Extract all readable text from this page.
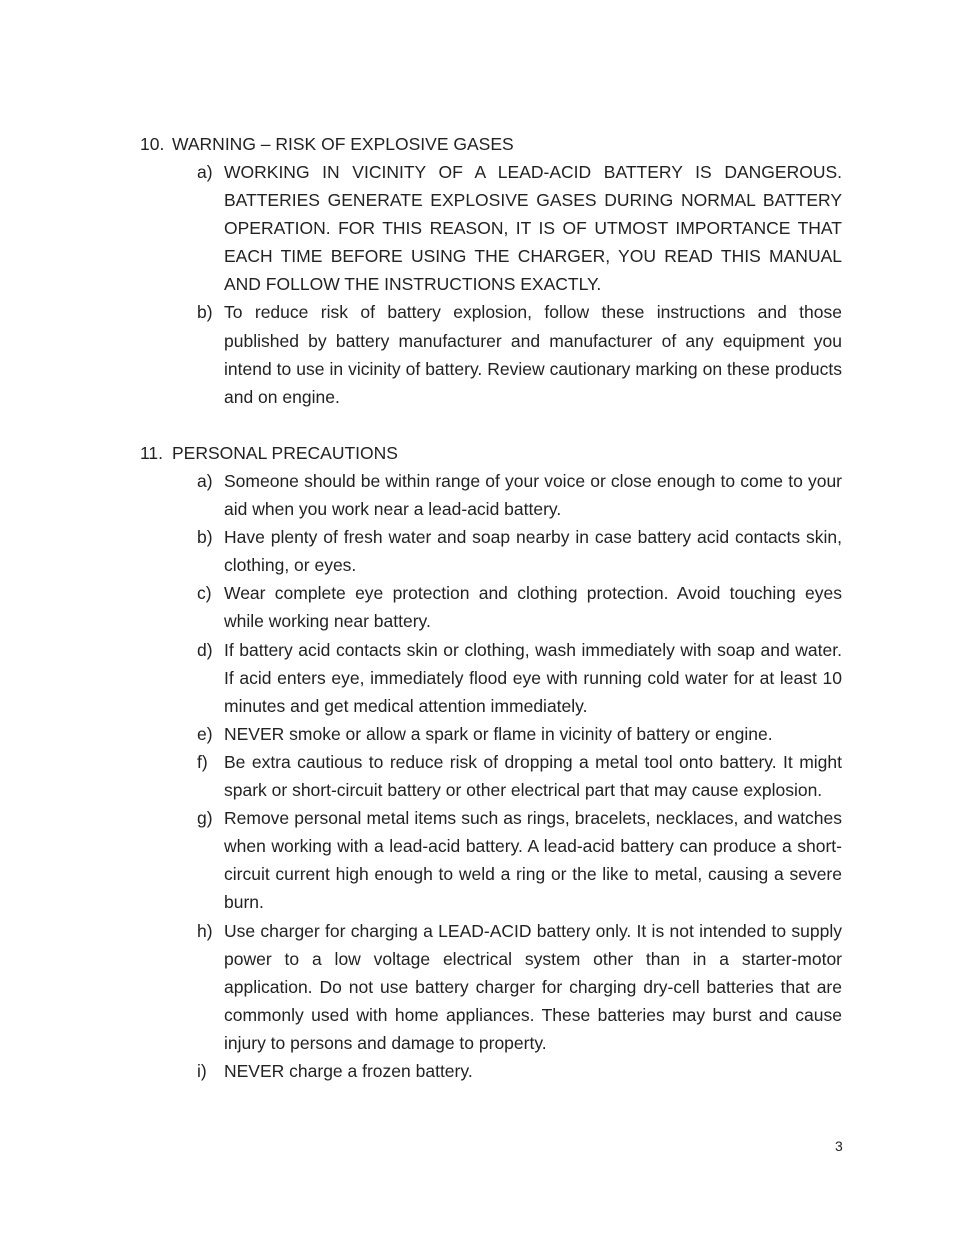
10. WARNING – RISK OF EXPLOSIVE GASES
a) WORKING IN VICINITY OF A LEAD-ACID BATTERY IS DANGEROUS. BATTERIES GENERATE EXPLOSIVE GASES DURING NORMAL BATTERY OPERATION. FOR THIS REASON, IT IS OF UTMOST IMPORTANCE THAT EACH TIME BEFORE USING THE CHARGER, YOU READ THIS MANUAL AND FOLLOW THE INSTRUCTIONS EXACTLY.
b) To reduce risk of battery explosion, follow these instructions and those published by battery manufacturer and manufacturer of any equipment you intend to use in vicinity of battery. Review cautionary marking on these products and on engine.
11. PERSONAL PRECAUTIONS
a) Someone should be within range of your voice or close enough to come to your aid when you work near a lead-acid battery.
b) Have plenty of fresh water and soap nearby in case battery acid contacts skin, clothing, or eyes.
c) Wear complete eye protection and clothing protection. Avoid touching eyes while working near battery.
d) If battery acid contacts skin or clothing, wash immediately with soap and water. If acid enters eye, immediately flood eye with running cold water for at least 10 minutes and get medical attention immediately.
e) NEVER smoke or allow a spark or flame in vicinity of battery or engine.
f) Be extra cautious to reduce risk of dropping a metal tool onto battery. It might spark or short-circuit battery or other electrical part that may cause explosion.
g) Remove personal metal items such as rings, bracelets, necklaces, and watches when working with a lead-acid battery. A lead-acid battery can produce a short-circuit current high enough to weld a ring or the like to metal, causing a severe burn.
h) Use charger for charging a LEAD-ACID battery only. It is not intended to supply power to a low voltage electrical system other than in a starter-motor application. Do not use battery charger for charging dry-cell batteries that are commonly used with home appliances. These batteries may burst and cause injury to persons and damage to property.
i) NEVER charge a frozen battery.
3
